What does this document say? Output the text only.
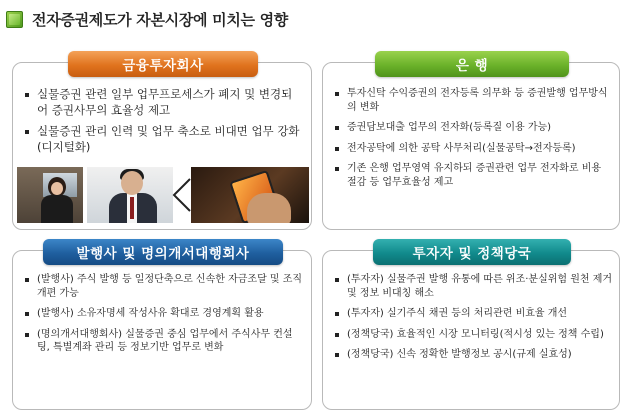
전자증권제도가 자본시장에 미치는 영향
금융투자회사
실물증권 관련 일부 업무프로세스가 폐지 및 변경되어 증권사무의 효율성 제고
실물증권 관리 인력 및 업무 축소로 비대면 업무 강화(디지털화)
은 행
투자신탁 수익증권의 전자등록 의무화 등 증권발행 업무방식의 변화
증권담보대출 업무의 전자화(등록질 이용 가능)
전자공탁에 의한 공탁 사무처리(실물공탁→전자등록)
기존 은행 업무영역 유지하되 증권관련 업무 전자화로 비용 절감 등 업무효율성 제고
발행사 및 명의개서대행회사
(발행사) 주식 발행 등 일정단축으로 신속한 자금조달 및 조직개편 가능
(발행사) 소유자명세 작성사유 확대로 경영계획 활용
(명의개서대행회사) 실물증권 중심 업무에서 주식사무 컨설팅, 특별계좌 관리 등 정보기반 업무로 변화
투자자 및 정책당국
(투자자) 실물주권 발행 유통에 따른 위조·분실위험 원천 제거 및 정보 비대칭 해소
(투자자) 실기주식 채권 등의 처리관련 비효율 개선
(정책당국) 효율적인 시장 모니터링(적시성 있는 정책 수립)
(정책당국) 신속 정확한 발행정보 공시(규제 실효성)
